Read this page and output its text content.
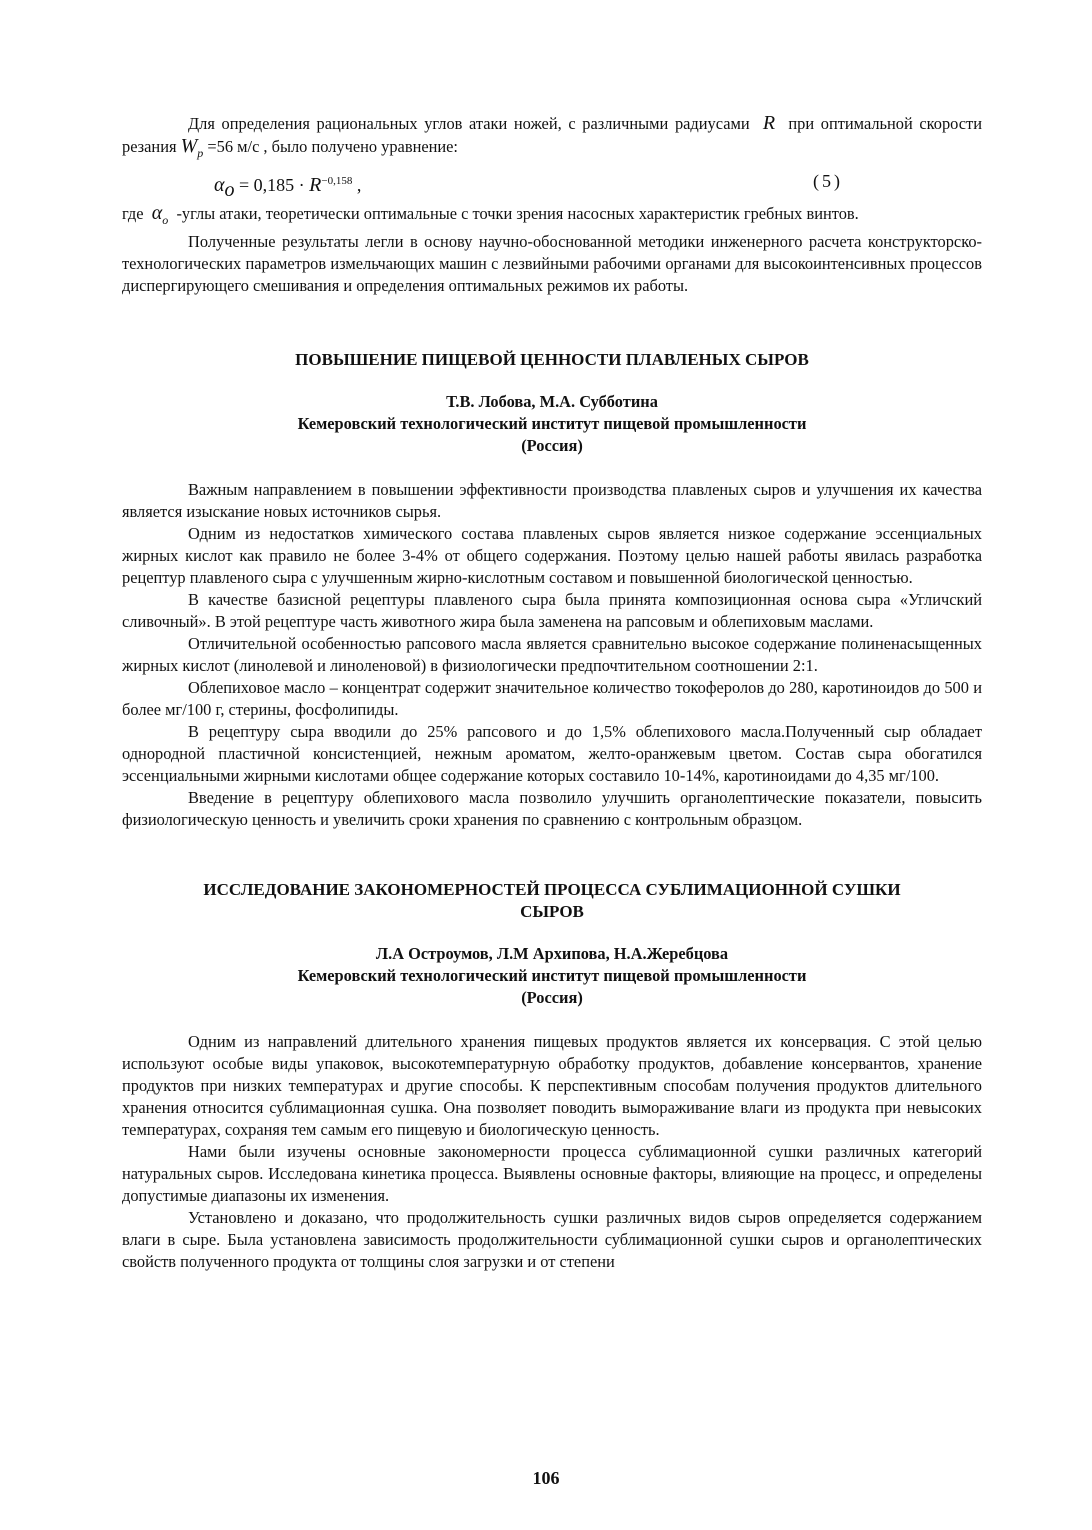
Для определения рациональных углов атаки ножей, с различными радиусами R при оптимальной скорости резания $W_p =56$ м/с , было получено уравнение:

$\alpha_o = 0,185 \cdot R^{-0,158}$ ,	(5)

где $\alpha_o$ -углы атаки, теоретически оптимальные с точки зрения насосных характеристик гребных винтов.

Полученные результаты легли в основу научно-обоснованной методики инженерного расчета конструкторско-технологических параметров измельчающих машин с лезвийными рабочими органами для высокоинтенсивных процессов диспергирующего смешивания и определения оптимальных режимов их работы.

ПОВЫШЕНИЕ ПИЩЕВОЙ ЦЕННОСТИ ПЛАВЛЕНЫХ СЫРОВ
Т.В. Лобова, М.А. Субботина
Кемеровский технологический институт пищевой промышленности
(Россия)

Важным направлением в повышении эффективности производства плавленых сыров и улучшения их качества является изыскание новых источников сырья.

Одним из недостатков химического состава плавленых сыров является низкое содержание эссенциальных жирных кислот как правило не более 3-4% от общего содержания. Поэтому целью нашей работы явилась разработка рецептур плавленого сыра с улучшенным жирно-кислотным составом и повышенной биологической ценностью.

В качестве базисной рецептуры плавленого сыра была принята композиционная основа сыра «Угличский сливочный». В этой рецептуре часть животного жира была заменена на рапсовым и облепиховым маслами.

Отличительной особенностью рапсового масла является сравнительно высокое содержание полиненасыщенных жирных кислот (линолевой и линоленовой) в физиологически предпочтительном соотношении 2:1.

Облепиховое масло – концентрат содержит значительное количество токоферолов до 280, каротиноидов до 500 и более мг/100 г, стерины, фосфолипиды.

В рецептуру сыра вводили до 25% рапсового и до 1,5% облепихового масла.Полученный сыр обладает однородной пластичной консистенцией, нежным ароматом, желто-оранжевым цветом. Состав сыра обогатился эссенциальными жирными кислотами общее содержание которых составило 10-14%, каротиноидами до 4,35 мг/100.

Введение в рецептуру облепихового масла позволило улучшить органолептические показатели, повысить физиологическую ценность и увеличить сроки хранения по сравнению с контрольным образцом.

ИССЛЕДОВАНИЕ ЗАКОНОМЕРНОСТЕЙ ПРОЦЕССА СУБЛИМАЦИОННОЙ СУШКИ
СЫРОВ
Л.А Остроумов, Л.М Архипова, Н.А.Жеребцова
Кемеровский технологический институт пищевой промышленности
(Россия)

Одним из направлений длительного хранения пищевых продуктов является их консервация. С этой целью используют особые виды упаковок, высокотемпературную обработку продуктов, добавление консервантов, хранение продуктов при низких температурах и другие способы. К перспективным способам получения продуктов длительного хранения относится сублимационная сушка. Она позволяет поводить вымораживание влаги из продукта при невысоких температурах, сохраняя тем самым его пищевую и биологическую ценность.

Нами были изучены основные закономерности процесса сублимационной сушки различных категорий натуральных сыров. Исследована кинетика процесса. Выявлены основные факторы, влияющие на процесс, и определены допустимые диапазоны их изменения.

Установлено и доказано, что продолжительность сушки различных видов сыров определяется содержанием влаги в сыре. Была установлена зависимость продолжительности сублимационной сушки сыров и органолептических свойств полученного продукта от толщины слоя загрузки и от степени

106
